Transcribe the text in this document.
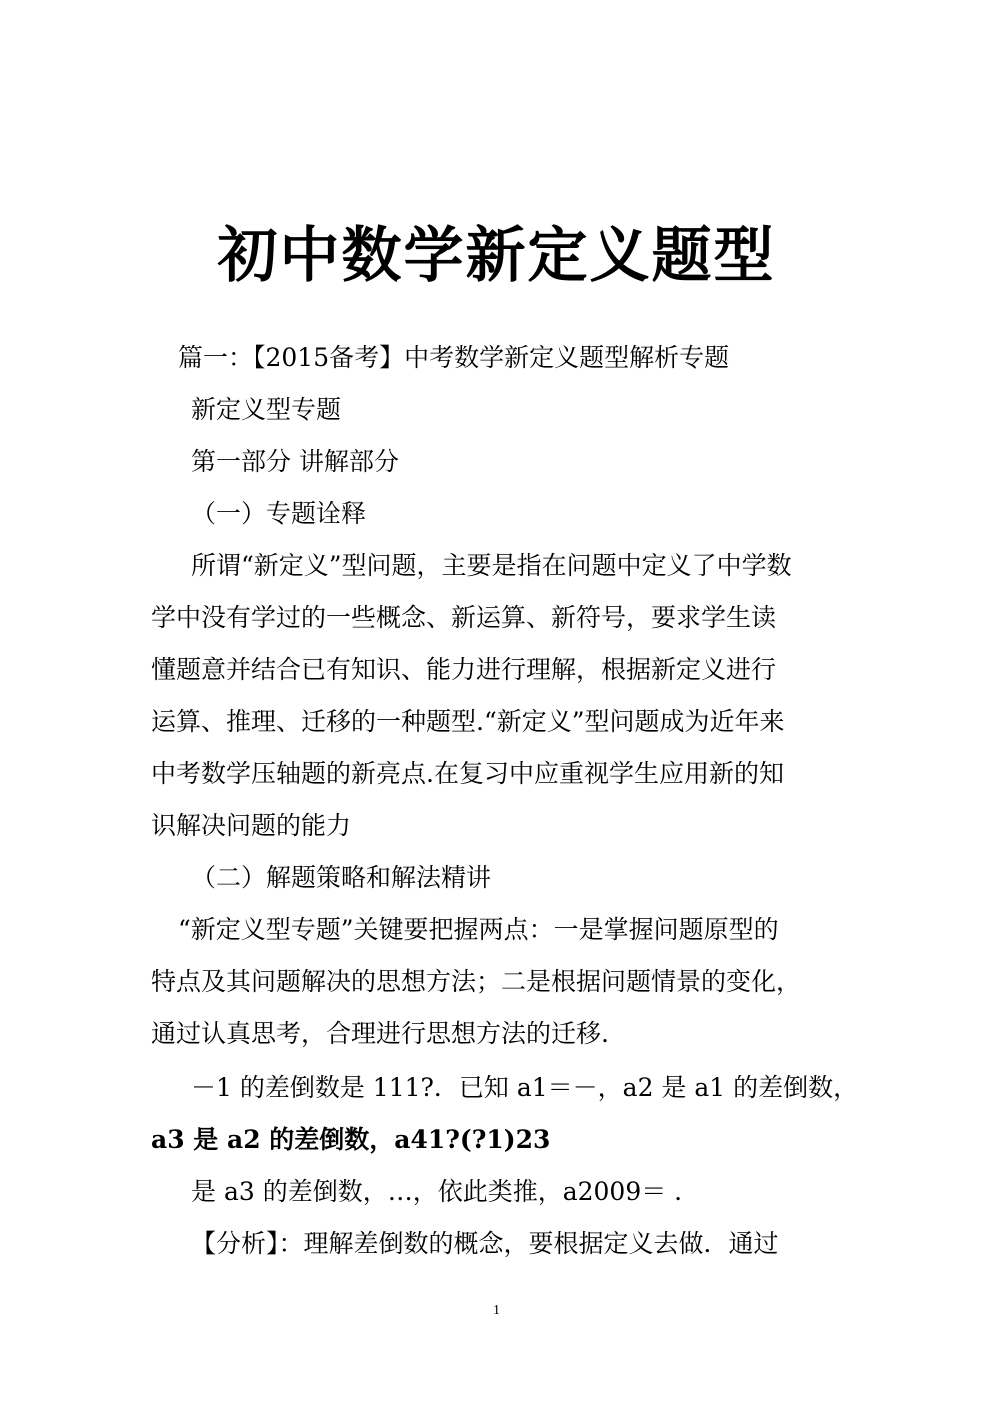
初中数学新定义题型
篇一：【2015备考】中考数学新定义题型解析专题
新定义型专题
第一部分 讲解部分
（一）专题诠释
所谓“新定义”型问题，主要是指在问题中定义了中学数
学中没有学过的一些概念、新运算、新符号，要求学生读
懂题意并结合已有知识、能力进行理解，根据新定义进行
运算、推理、迁移的一种题型.“新定义”型问题成为近年来
中考数学压轴题的新亮点.在复习中应重视学生应用新的知
识解决问题的能力
（二）解题策略和解法精讲
“新定义型专题”关键要把握两点：一是掌握问题原型的
特点及其问题解决的思想方法；二是根据问题情景的变化，
通过认真思考，合理进行思想方法的迁移.
－1 的差倒数是 111?．已知 a1＝－，a2 是 a1 的差倒数，
a3 是 a2 的差倒数，a41?(?1)23
是 a3 的差倒数，…，依此类推，a2009＝ .
【分析】：理解差倒数的概念，要根据定义去做．通过
1
